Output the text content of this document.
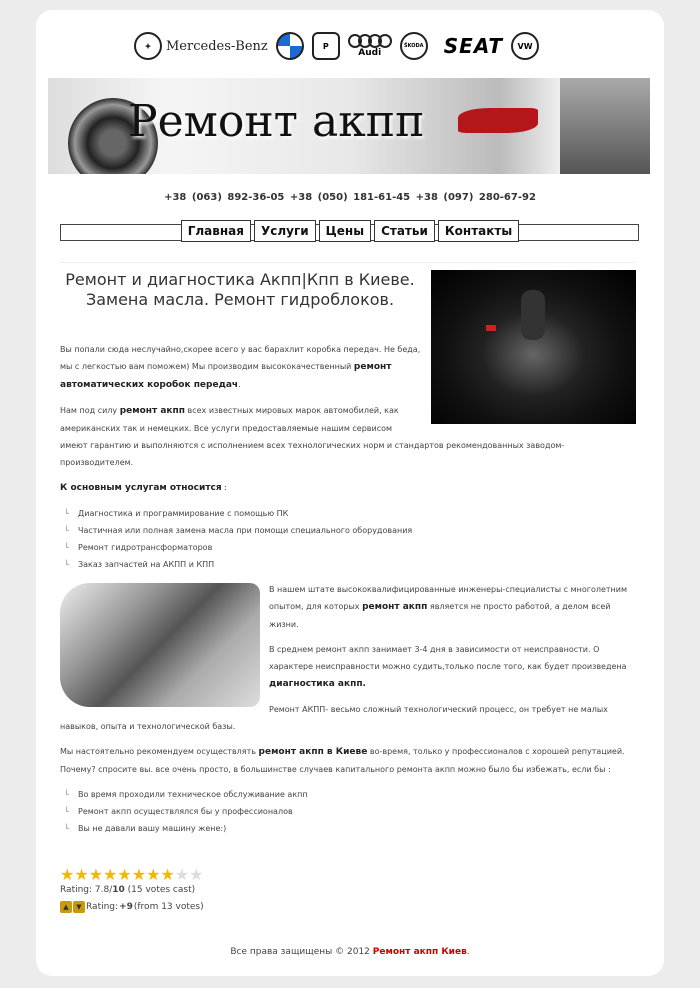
✦	Mercedes-Benz	P
Audi
ŠKODA SEAT	VW
Ремонт акпп
+38 (063) 892-36-05 +38 (050) 181-61-45 +38 (097) 280-67-92
Главная	Услуги	Цены	Статьи	Контакты
Ремонт и диагностика Акпп|Кпп в Киеве.
Замена масла. Ремонт гидроблоков.
Вы попали сюда неслучайно,скорее всего у вас барахлит коробка передач. Не беда, мы с легкостью вам поможем) Мы производим высококачественный ремонт автоматических коробок передач.
Нам под силу ремонт акпп всех известных мировых марок автомобилей, как американских так и немецких. Все услуги предоставляемые нашим сервисом имеют гарантию и выполняются с исполнением всех технологических норм и стандартов рекомендованных заводом-производителем.
К основным услугам относится :
└ Диагностика и программирование с помощью ПК
└ Частичная или полная замена масла при помощи специального оборудования
└ Ремонт гидротрансформаторов
└ Заказ запчастей на АКПП и КПП
В нашем штате высококвалифицированные инженеры-специалисты с многолетним опытом, для которых ремонт акпп является не просто работой, а делом всей жизни.
В среднем ремонт акпп занимает 3-4 дня в зависимости от неисправности. О характере неисправности можно судить,только после того, как будет произведена диагностика акпп.
Ремонт АКПП- весьмо сложный технологический процесс, он требует не малых навыков, опыта и технологической базы.
Мы настоятельно рекомендуем осуществлять ремонт акпп в Киеве во-время, только у профессионалов с хорошей репутацией. Почему? спросите вы. все очень просто, в большинстве случаев капитального ремонта акпп можно было бы избежать, если бы :
└ Во время проходили техническое обслуживание акпп
└ Ремонт акпп осуществлялся бы у профессионалов
└ Вы не давали вашу машину жене:)
★ ★ ★ ★ ★ ★ ★ ★ ★ ★
Rating: 7.8/10 (15 votes cast)
▲	▼ Rating: +9 (from 13 votes)
Все права защищены © 2012 Ремонт акпп Киев.
